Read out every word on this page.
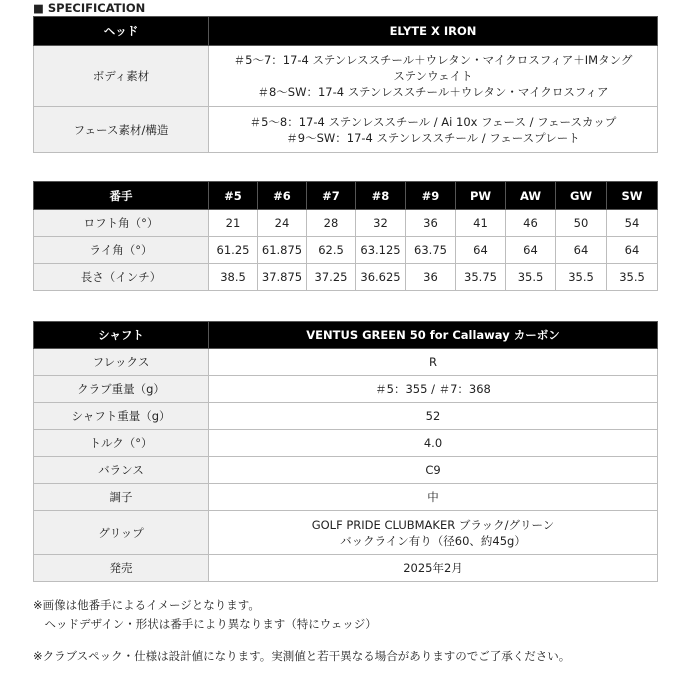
■ SPECIFICATION
ヘッド	ELYTE X IRON
ボディ素材	＃5〜7：17-4 ステンレススチール＋ウレタン・マイクロスフィア＋IMタング
ステンウェイト
＃8〜SW：17-4 ステンレススチール＋ウレタン・マイクロスフィア

フェース素材/構造	＃5〜8：17-4 ステンレススチール / Ai 10x フェース / フェースカップ
＃9〜SW：17-4 ステンレススチール / フェースプレート
番手	#5	#6	#7	#8	#9	PW	AW	GW	SW
ロフト角（°）	21	24	28	32	36	41	46	50	54
ライ角（°）	61.25	61.875	62.5	63.125	63.75	64	64	64	64
長さ（インチ）	38.5	37.875	37.25	36.625	36	35.75	35.5	35.5	35.5
シャフト	VENTUS GREEN 50 for Callaway カーボン
フレックス	R
クラブ重量（g）	＃5：355 / ＃7：368
シャフト重量（g）	52
トルク（°）	4.0
バランス	C9
調子	中
グリップ	GOLF PRIDE CLUBMAKER ブラック/グリーン
バックライン有り（径60、約45g）

発売	2025年2月
※画像は他番手によるイメージとなります。
　ヘッドデザイン・形状は番手により異なります（特にウェッジ）
※クラブスペック・仕様は設計値になります。実測値と若干異なる場合がありますのでご了承ください。
